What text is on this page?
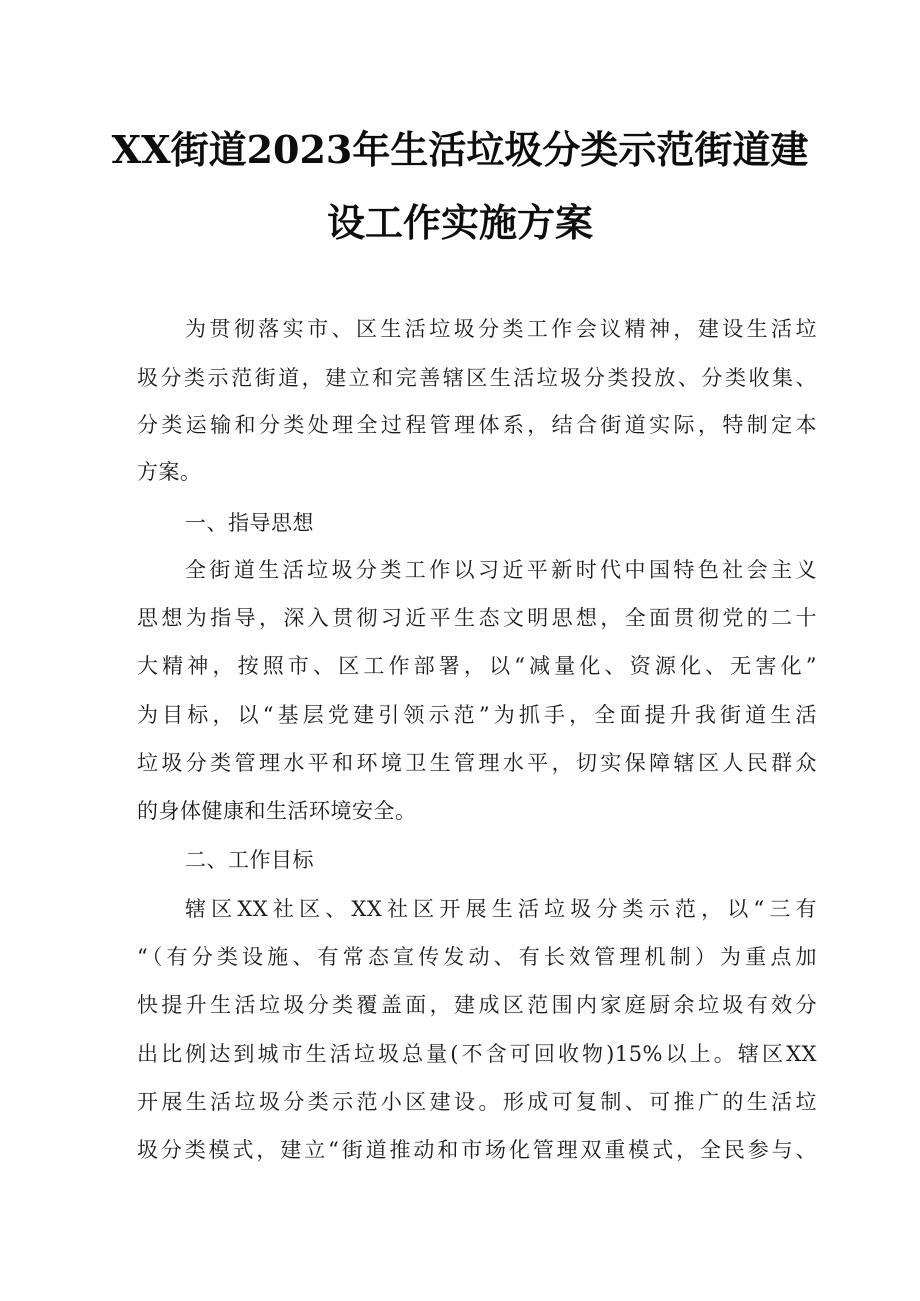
XX街道2023年生活垃圾分类示范街道建
设工作实施方案
为贯彻落实市、区生活垃圾分类工作会议精神，建设生活垃
圾分类示范街道，建立和完善辖区生活垃圾分类投放、分类收集、
分类运输和分类处理全过程管理体系，结合街道实际，特制定本
方案。
一、指导思想
全街道生活垃圾分类工作以习近平新时代中国特色社会主义
思想为指导，深入贯彻习近平生态文明思想，全面贯彻党的二十
大精神，按照市、区工作部署，以“减量化、资源化、无害化”
为目标，以“基层党建引领示范”为抓手，全面提升我街道生活
垃圾分类管理水平和环境卫生管理水平，切实保障辖区人民群众
的身体健康和生活环境安全。
二、工作目标
辖区XX社区、XX社区开展生活垃圾分类示范，以“三有
“（有分类设施、有常态宣传发动、有长效管理机制）为重点加
快提升生活垃圾分类覆盖面，建成区范围内家庭厨余垃圾有效分
出比例达到城市生活垃圾总量(不含可回收物)15%以上。辖区XX
开展生活垃圾分类示范小区建设。形成可复制、可推广的生活垃
圾分类模式，建立“街道推动和市场化管理双重模式，全民参与、
